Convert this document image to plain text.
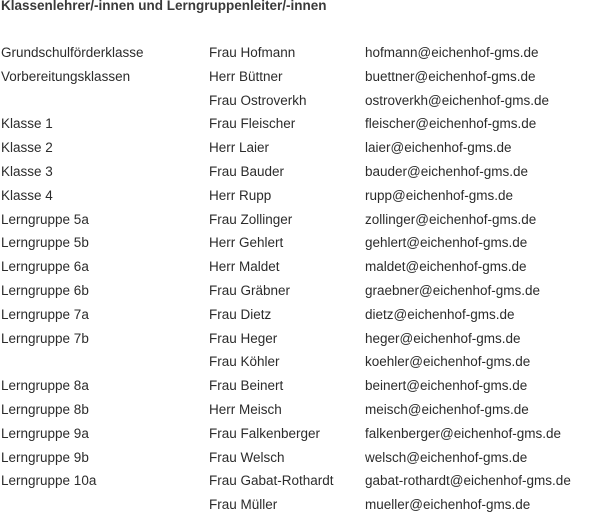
Klassenlehrer/-innen und Lerngruppenleiter/-innen
Grundschulförderklasse	Frau Hofmann	hofmann@eichenhof-gms.de
Vorbereitungsklassen	Herr Büttner	buettner@eichenhof-gms.de
Frau Ostroverkh	ostroverkh@eichenhof-gms.de
Klasse 1	Frau Fleischer	fleischer@eichenhof-gms.de
Klasse 2	Herr Laier	laier@eichenhof-gms.de
Klasse 3	Frau Bauder	bauder@eichenhof-gms.de
Klasse 4	Herr Rupp	rupp@eichenhof-gms.de
Lerngruppe 5a	Frau Zollinger	zollinger@eichenhof-gms.de
Lerngruppe 5b	Herr Gehlert	gehlert@eichenhof-gms.de
Lerngruppe 6a	Herr Maldet	maldet@eichenhof-gms.de
Lerngruppe 6b	Frau Gräbner	graebner@eichenhof-gms.de
Lerngruppe 7a	Frau Dietz	dietz@eichenhof-gms.de
Lerngruppe 7b	Frau Heger	heger@eichenhof-gms.de
Frau Köhler	koehler@eichenhof-gms.de
Lerngruppe 8a	Frau Beinert	beinert@eichenhof-gms.de
Lerngruppe 8b	Herr Meisch	meisch@eichenhof-gms.de
Lerngruppe 9a	Frau Falkenberger	falkenberger@eichenhof-gms.de
Lerngruppe 9b	Frau Welsch	welsch@eichenhof-gms.de
Lerngruppe 10a	Frau Gabat-Rothardt gabat-rothardt@eichenhof-gms.de
Frau Müller	mueller@eichenhof-gms.de
